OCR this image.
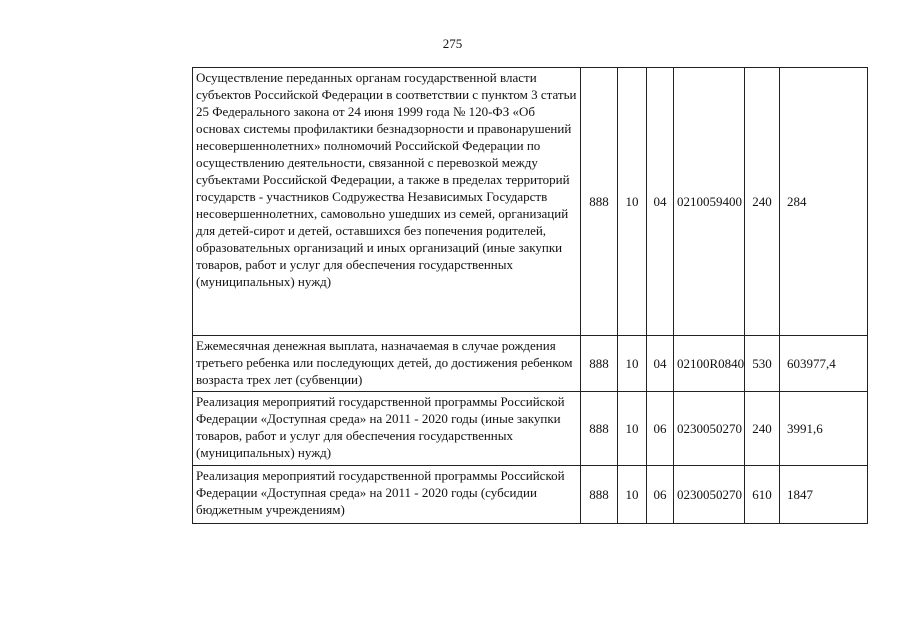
275
Осуществление переданных органам государственной власти субъектов Российской Федерации в соответствии с пунктом 3 статьи 25 Федерального закона от 24 июня 1999 года № 120-ФЗ «Об основах системы профилактики безнадзорности и правонарушений несовершеннолетних» полномочий Российской Федерации по осуществлению деятельности, связанной с перевозкой между субъектами Российской Федерации, а также в пределах территорий государств - участников Содружества Независимых Государств несовершеннолетних, самовольно ушедших из семей, организаций для детей-сирот и детей, оставшихся без попечения родителей, образовательных организаций и иных организаций (иные закупки товаров, работ и услуг для обеспечения государственных (муниципальных) нужд)	888	10	04	0210059400	240	284
Ежемесячная денежная выплата, назначаемая в случае рождения третьего ребенка или последующих детей, до достижения ребенком возраста трех лет (субвенции)	888	10	04	02100R0840	530	603977,4
Реализация мероприятий государственной программы Российской Федерации «Доступная среда» на 2011 - 2020 годы (иные закупки товаров, работ и услуг для обеспечения государственных (муниципальных) нужд)	888	10	06	0230050270	240	3991,6
Реализация мероприятий государственной программы Российской Федерации «Доступная среда» на 2011 - 2020 годы (субсидии бюджетным учреждениям)	888	10	06	0230050270	610	1847
